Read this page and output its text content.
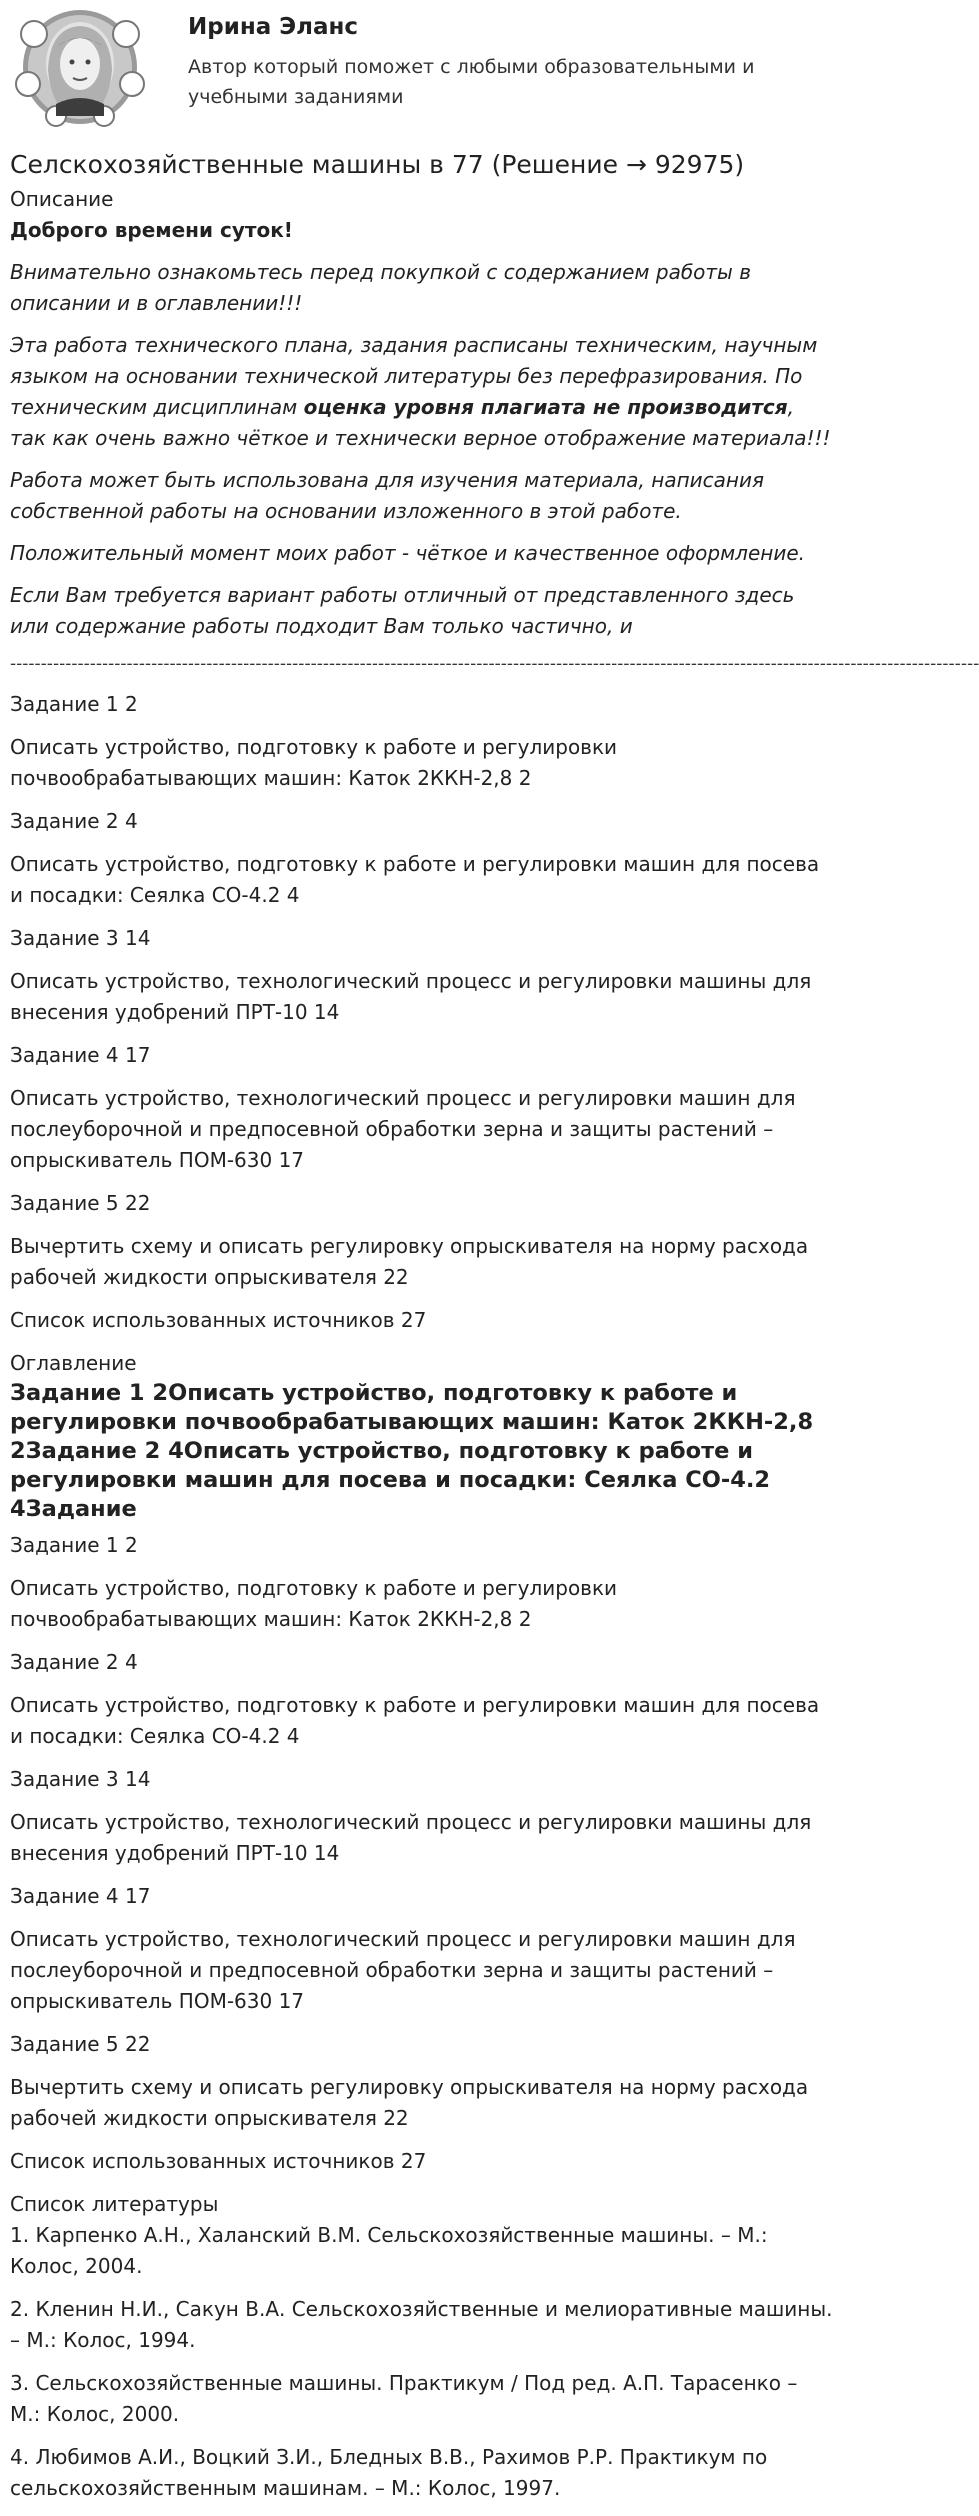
Ирина Эланс

Автор который поможет с любыми образовательными и учебными заданиями

Селскохозяйственные машины в 77 (Решение → 92975)
Описание

Доброго времени суток!

Внимательно ознакомьтесь перед покупкой с содержанием работы в описании и в оглавлении!!!

Эта работа технического плана, задания расписаны техническим, научным языком на основании технической литературы без перефразирования. По техническим дисциплинам оценка уровня плагиата не производится, так как очень важно чёткое и технически верное отображение материала!!!

Работа может быть использована для изучения материала, написания собственной работы на основании изложенного в этой работе.

Положительный момент моих работ - чёткое и качественное оформление.

Если Вам требуется вариант работы отличный от представленного здесь или содержание работы подходит Вам только частично, и

--------------------------------------------------------------------------------------------------------------------------------------------------------------

Задание 1 2

Описать устройство, подготовку к работе и регулировки почвообрабатывающих машин: Каток 2ККН-2,8 2

Задание 2 4

Описать устройство, подготовку к работе и регулировки машин для посева и посадки: Сеялка СО-4.2 4

Задание 3 14

Описать устройство, технологический процесс и регулировки машины для внесения удобрений ПРТ-10 14

Задание 4 17

Описать устройство, технологический процесс и регулировки машин для послеуборочной и предпосевной обработки зерна и защиты растений –опрыскиватель ПОМ-630 17

Задание 5 22

Вычертить схему и описать регулировку опрыскивателя на норму расхода рабочей жидкости опрыскивателя 22

Список использованных источников 27

Оглавление

Задание 1 2Описать устройство, подготовку к работе и регулировки почвообрабатывающих машин: Каток 2ККН-2,8 2Задание 2 4Описать устройство, подготовку к работе и регулировки машин для посева и посадки: Сеялка СО-4.2 4Задание

Задание 1 2

Описать устройство, подготовку к работе и регулировки почвообрабатывающих машин: Каток 2ККН-2,8 2

Задание 2 4

Описать устройство, подготовку к работе и регулировки машин для посева и посадки: Сеялка СО-4.2 4

Задание 3 14

Описать устройство, технологический процесс и регулировки машины для внесения удобрений ПРТ-10 14

Задание 4 17

Описать устройство, технологический процесс и регулировки машин для послеуборочной и предпосевной обработки зерна и защиты растений –опрыскиватель ПОМ-630 17

Задание 5 22

Вычертить схему и описать регулировку опрыскивателя на норму расхода рабочей жидкости опрыскивателя 22

Список использованных источников 27

Список литературы

1. Карпенко А.Н., Халанский В.М. Сельскохозяйственные машины. – М.: Колос, 2004.

2. Кленин Н.И., Сакун В.А. Сельскохозяйственные и мелиоративные машины. – М.: Колос, 1994.

3. Сельскохозяйственные машины. Практикум / Под ред. А.П. Тарасенко – М.: Колос, 2000.

4. Любимов А.И., Воцкий З.И., Бледных В.В., Рахимов Р.Р. Практикум по сельскохозяйственным машинам. – М.: Колос, 1997.
